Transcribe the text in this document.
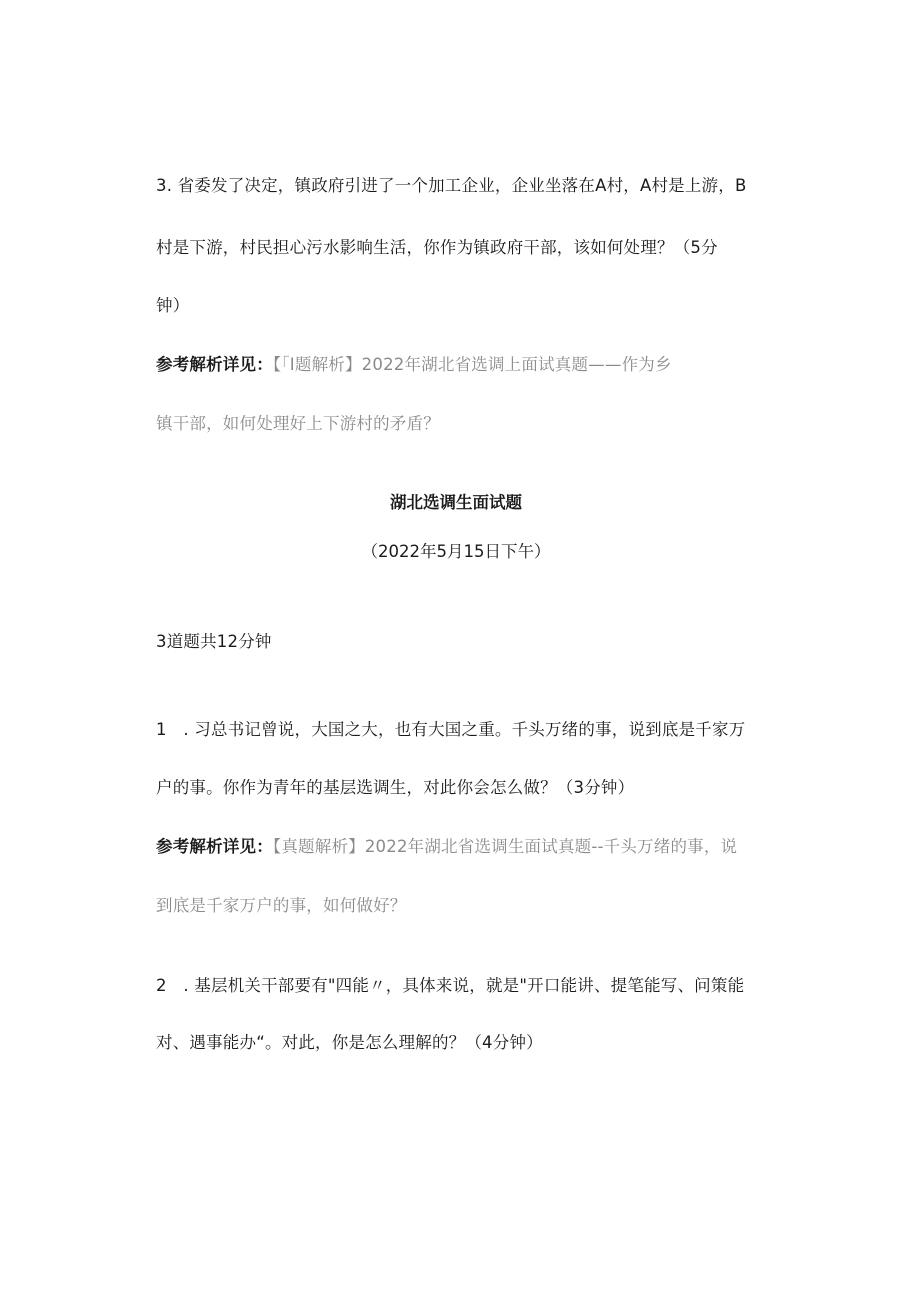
3. 省委发了决定，镇政府引进了一个加工企业，企业坐落在A村，A村是上游，B
村是下游，村民担心污水影响生活，你作为镇政府干部，该如何处理？（5分
钟）
参考解析详见：【「I题解析】2022年湖北省选调上面试真题——作为乡
镇干部，如何处理好上下游村的矛盾？
湖北选调生面试题
（2022年5月15日下午）
3道题共12分钟
1　. 习总书记曾说，大国之大，也有大国之重。千头万绪的事，说到底是千家万
户的事。你作为青年的基层选调生，对此你会怎么做？（3分钟）
参考解析详见：【真题解析】2022年湖北省选调生面试真题--千头万绪的事，说
到底是千家万户的事，如何做好？
2　. 基层机关干部要有"四能〃，具体来说，就是"开口能讲、提笔能写、问策能
对、遇事能办“。对此，你是怎么理解的？（4分钟）
